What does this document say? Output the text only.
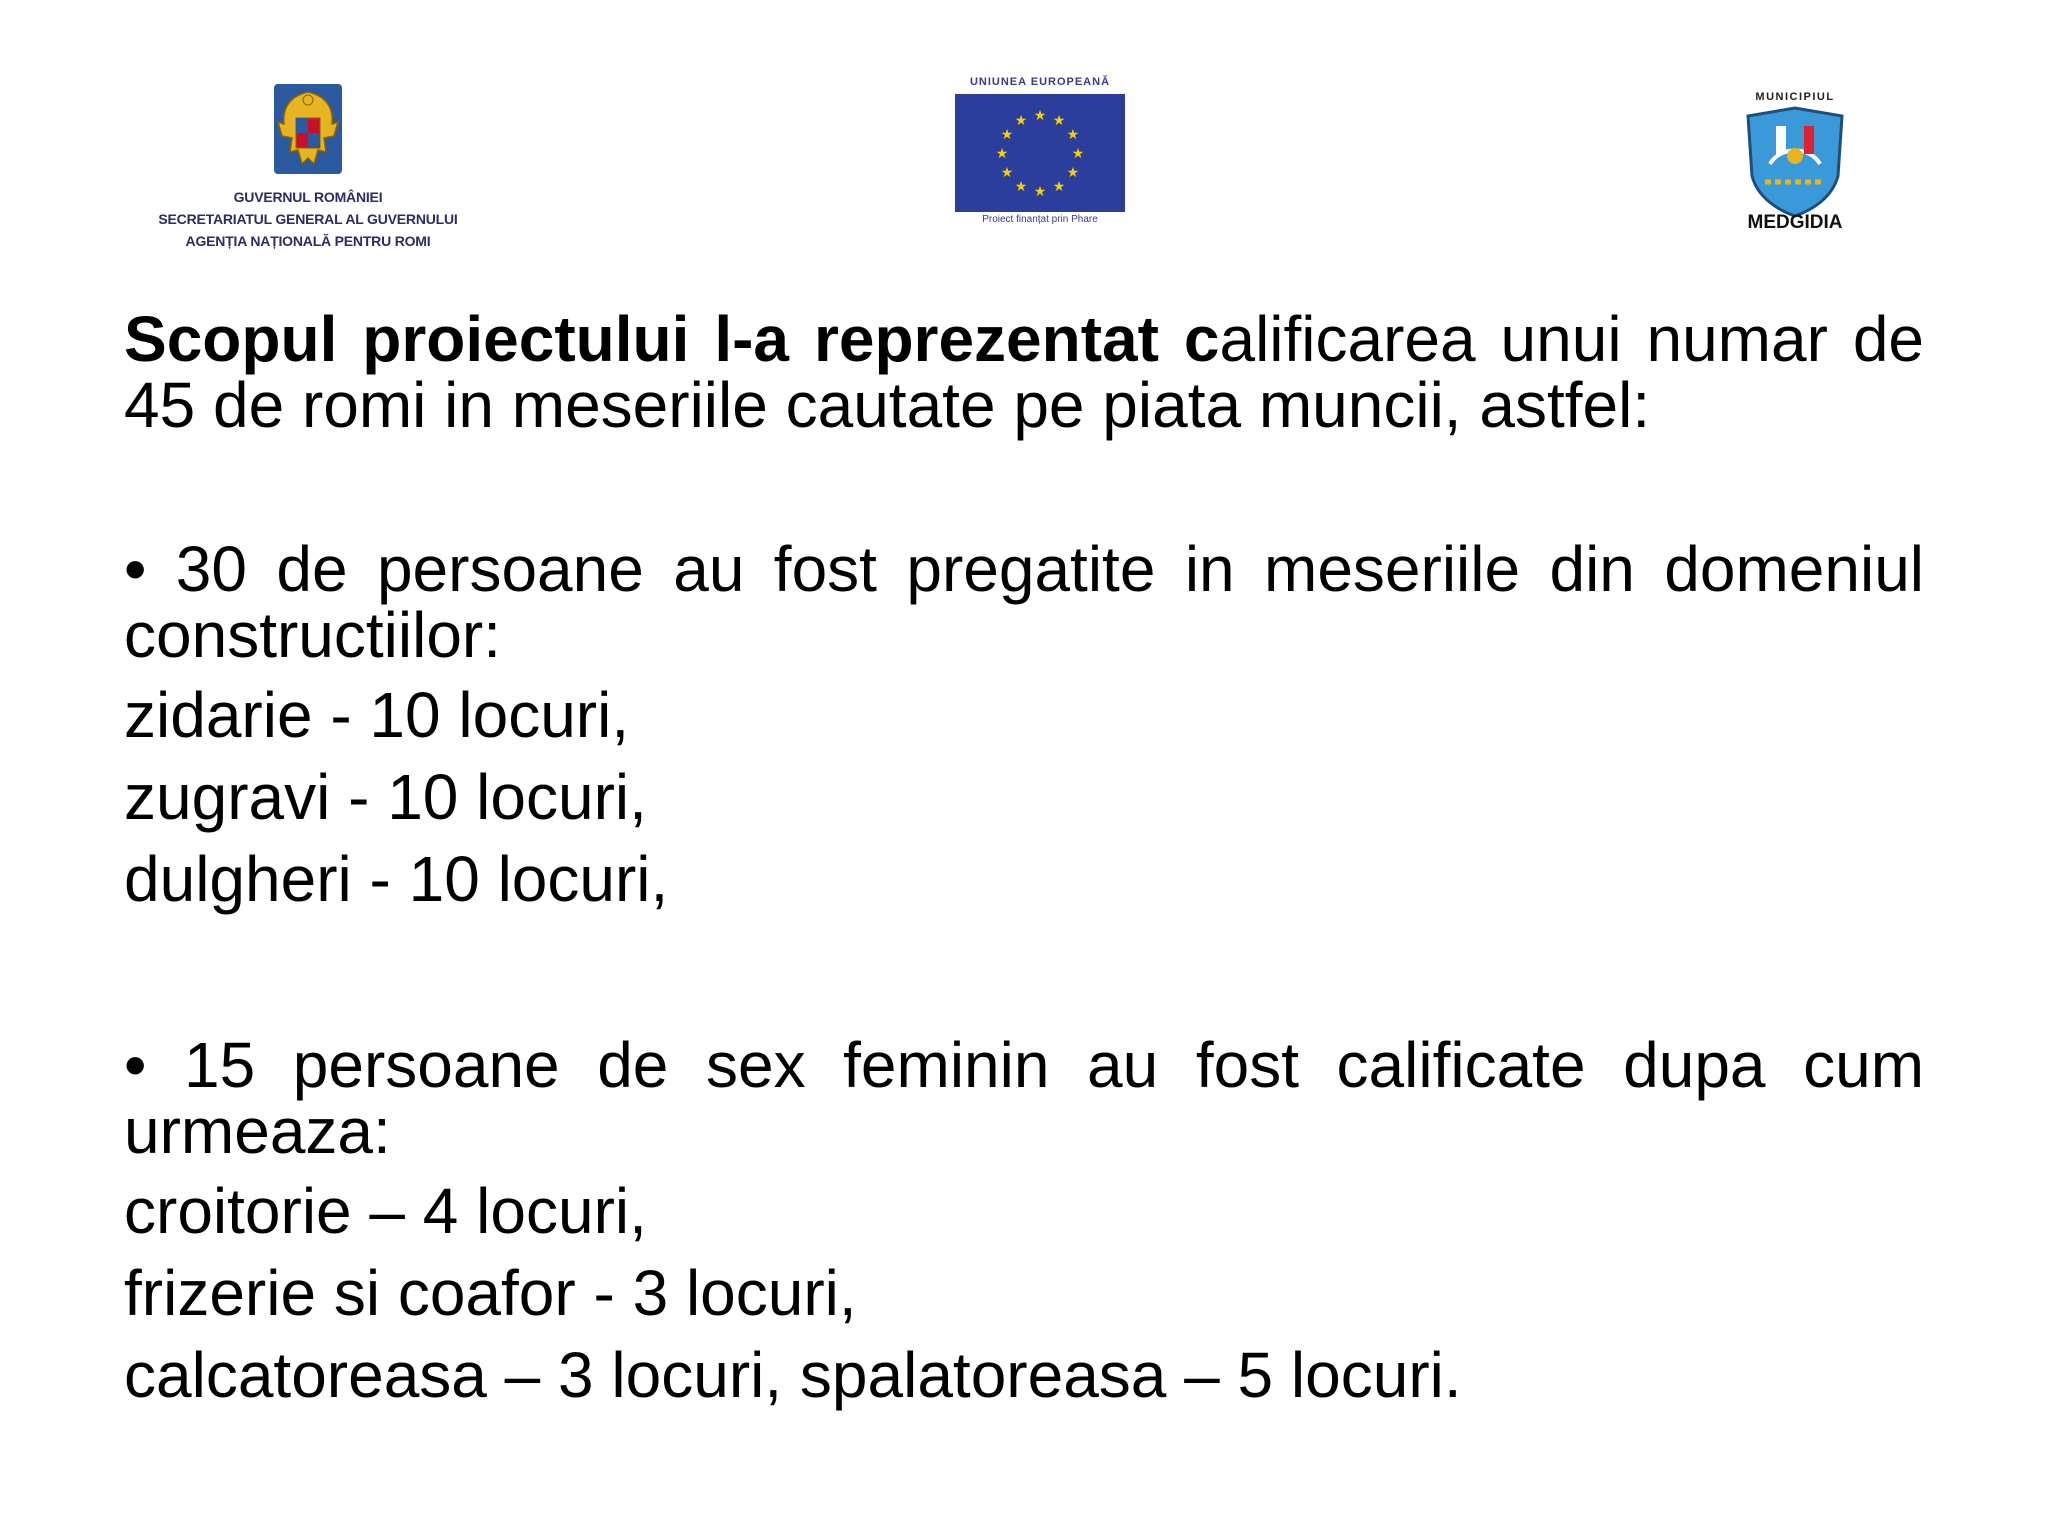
GUVERNUL ROMÂNIEI
SECRETARIATUL GENERAL AL GUVERNULUI
AGENȚIA NAȚIONALĂ PENTRU ROMI
UNIUNEA EUROPEANĂ
★ ★
★
★
★
★
★
★
★
★
★
★
Proiect finanțat prin Phare
MUNICIPIUL
MEDGIDIA
Scopul proiectului l-a reprezentat calificarea unui numar de 45 de romi in meseriile cautate pe piata muncii, astfel:
• 30 de persoane au fost pregatite in meseriile din domeniul constructiilor:
zidarie - 10 locuri,
zugravi - 10 locuri,
dulgheri - 10 locuri,
• 15 persoane de sex feminin au fost calificate dupa cum urmeaza:
croitorie – 4 locuri,
frizerie si coafor - 3 locuri,
calcatoreasa – 3 locuri, spalatoreasa – 5 locuri.
